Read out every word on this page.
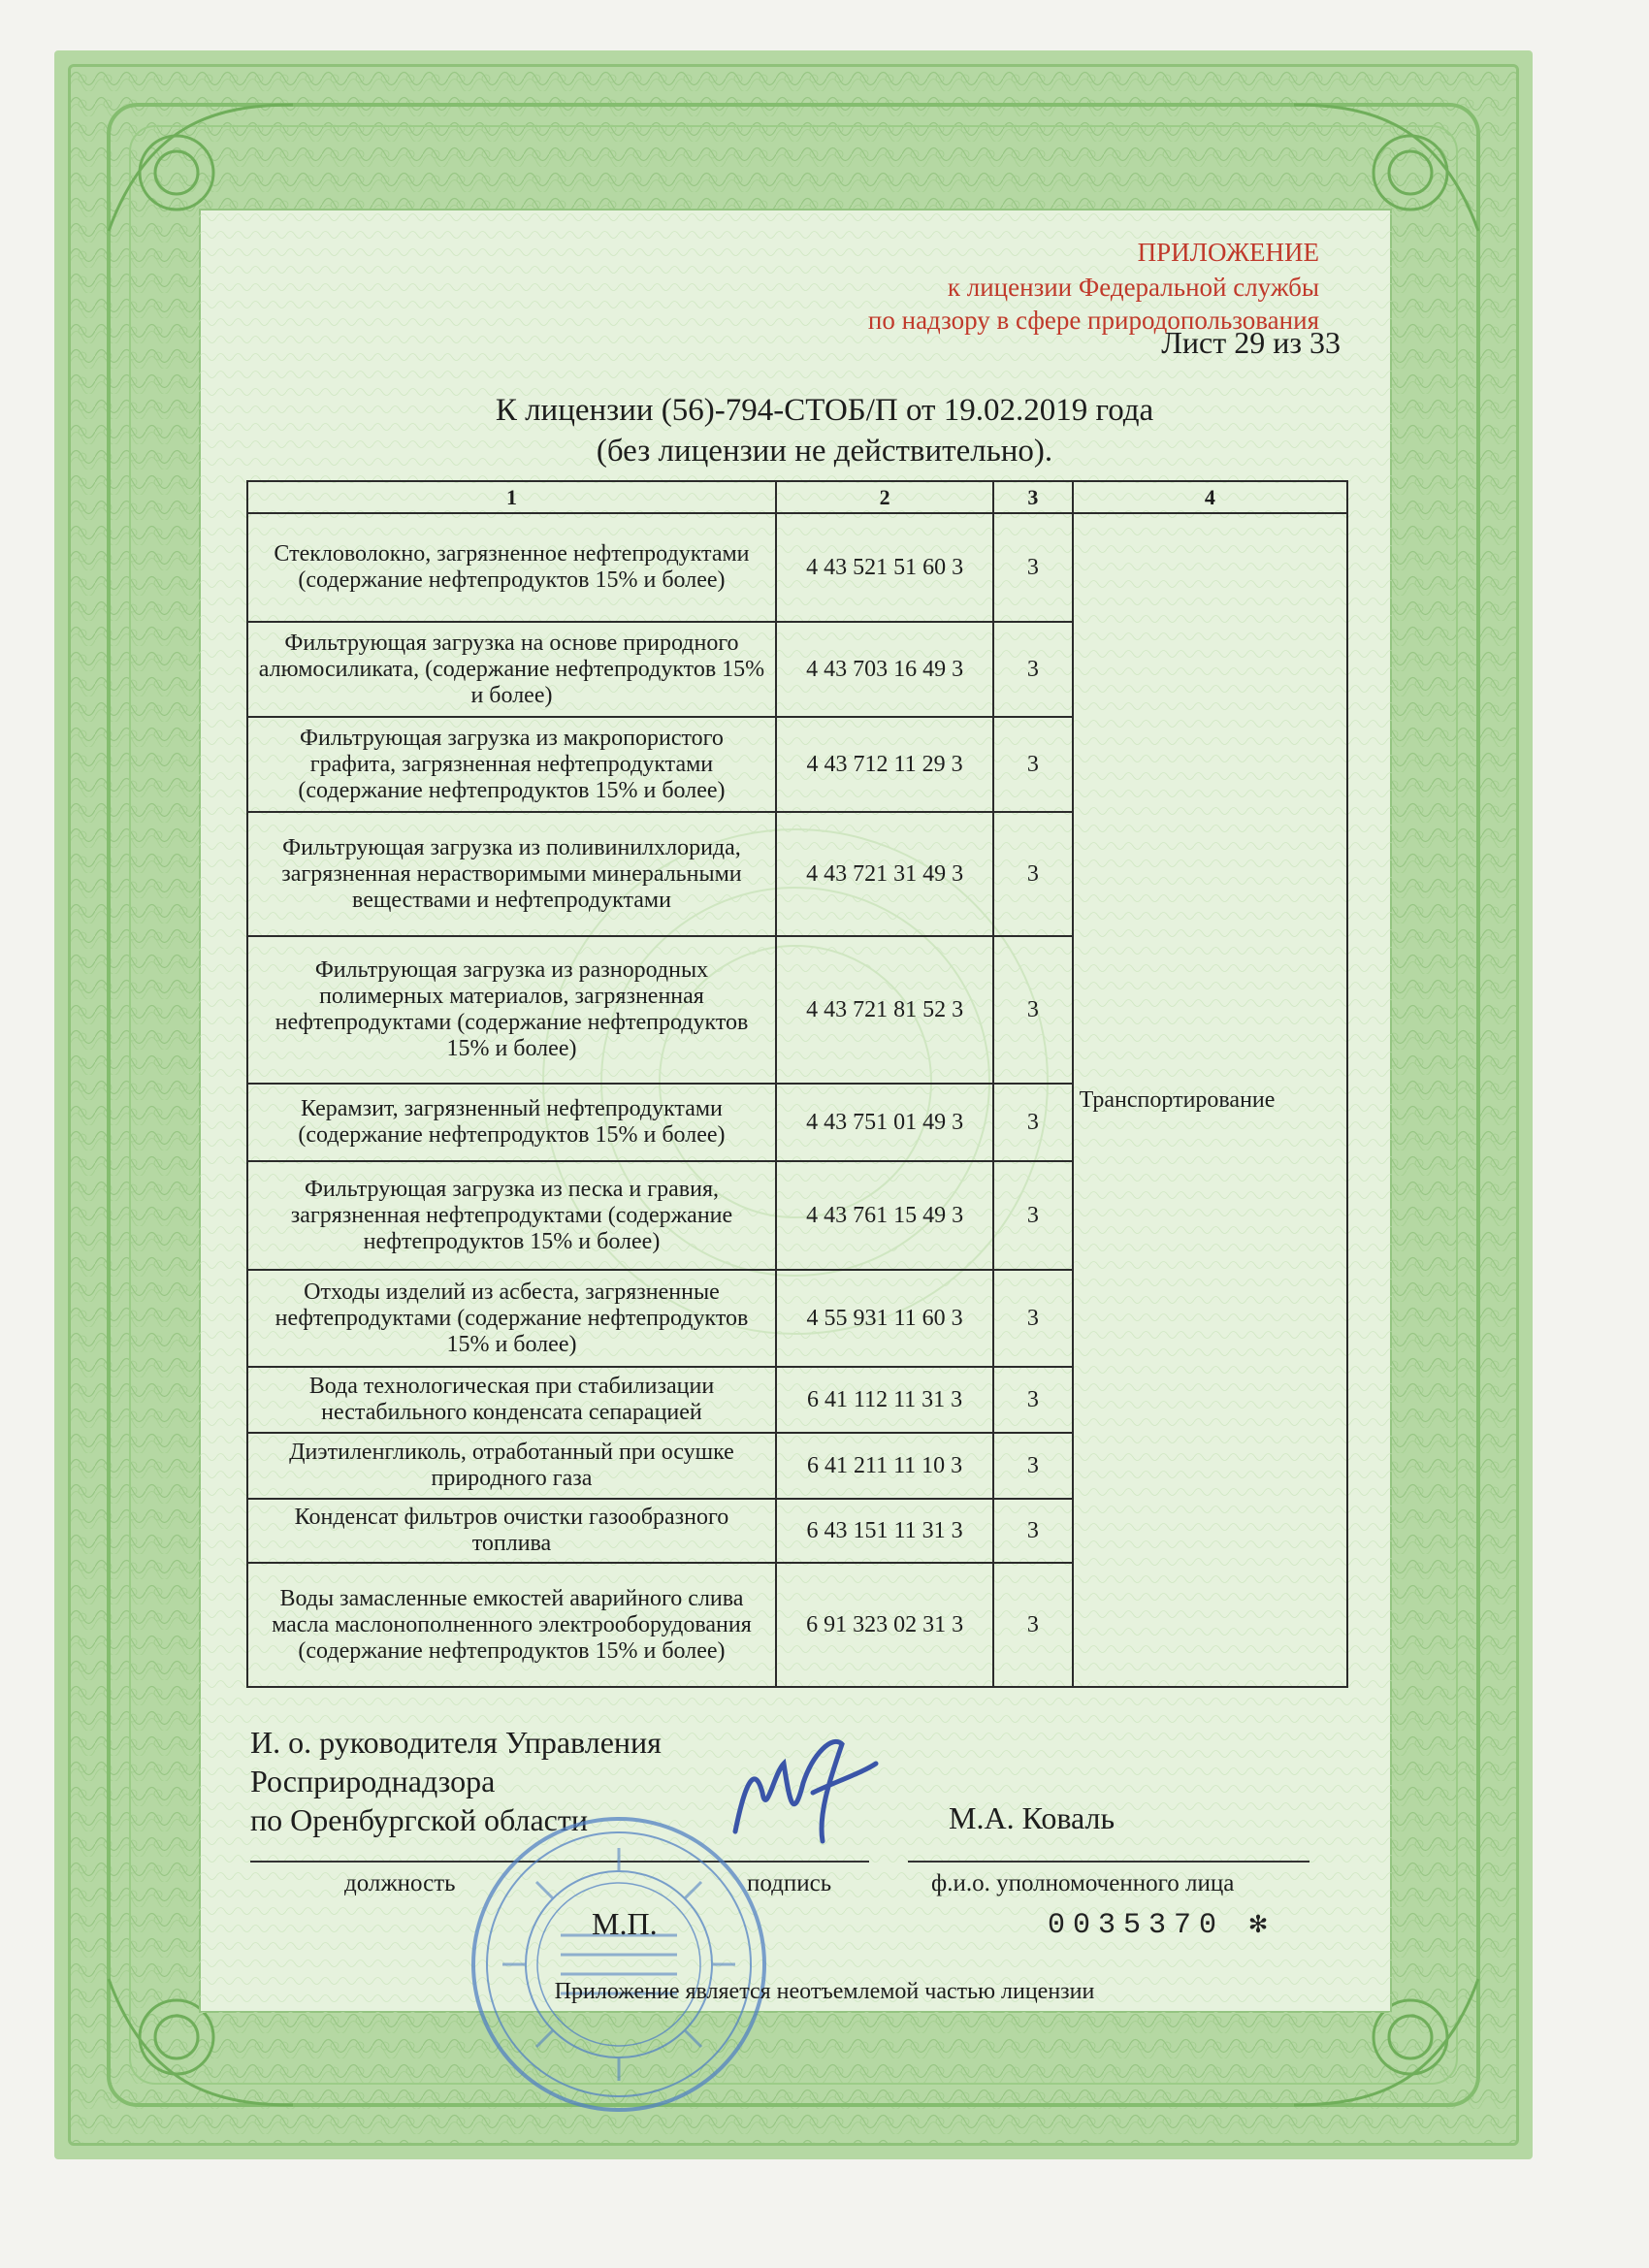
ПРИЛОЖЕНИЕ
к лицензии Федеральной службы
по надзору в сфере природопользования
Лист 29 из 33
К лицензии (56)-794-СТОБ/П от 19.02.2019 года
(без лицензии не действительно).
1	2	3	4
Стекловолокно, загрязненное нефтепродуктами (содержание нефтепродуктов 15% и более)	4 43 521 51 60 3	3	Транспортирование
Фильтрующая загрузка на основе природного алюмосиликата, (содержание нефтепродуктов 15% и более)	4 43 703 16 49 3	3	
Фильтрующая загрузка из макропористого графита, загрязненная нефтепродуктами (содержание нефтепродуктов 15% и более)	4 43 712 11 29 3	3	
Фильтрующая загрузка из поливинилхлорида, загрязненная нерастворимыми минеральными веществами и нефтепродуктами	4 43 721 31 49 3	3	
Фильтрующая загрузка из разнородных полимерных материалов, загрязненная нефтепродуктами (содержание нефтепродуктов 15% и более)	4 43 721 81 52 3	3	
Керамзит, загрязненный нефтепродуктами (содержание нефтепродуктов 15% и более)	4 43 751 01 49 3	3	
Фильтрующая загрузка из песка и гравия, загрязненная нефтепродуктами (содержание нефтепродуктов 15% и более)	4 43 761 15 49 3	3	
Отходы изделий из асбеста, загрязненные нефтепродуктами (содержание нефтепродуктов 15% и более)	4 55 931 11 60 3	3	
Вода технологическая при стабилизации нестабильного конденсата сепарацией	6 41 112 11 31 3	3	
Диэтиленгликоль, отработанный при осушке природного газа	6 41 211 11 10 3	3	
Конденсат фильтров очистки газообразного топлива	6 43 151 11 31 3	3	
Воды замасленные емкостей аварийного слива масла маслонополненного электрооборудования (содержание нефтепродуктов 15% и более)	6 91 323 02 31 3	3	
И. о. руководителя Управления
Росприроднадзора
по Оренбургской области	М.А. Коваль
должность	подпись	ф.и.о. уполномоченного лица
М.П.	0035370 ✻
Приложение является неотъемлемой частью лицензии
